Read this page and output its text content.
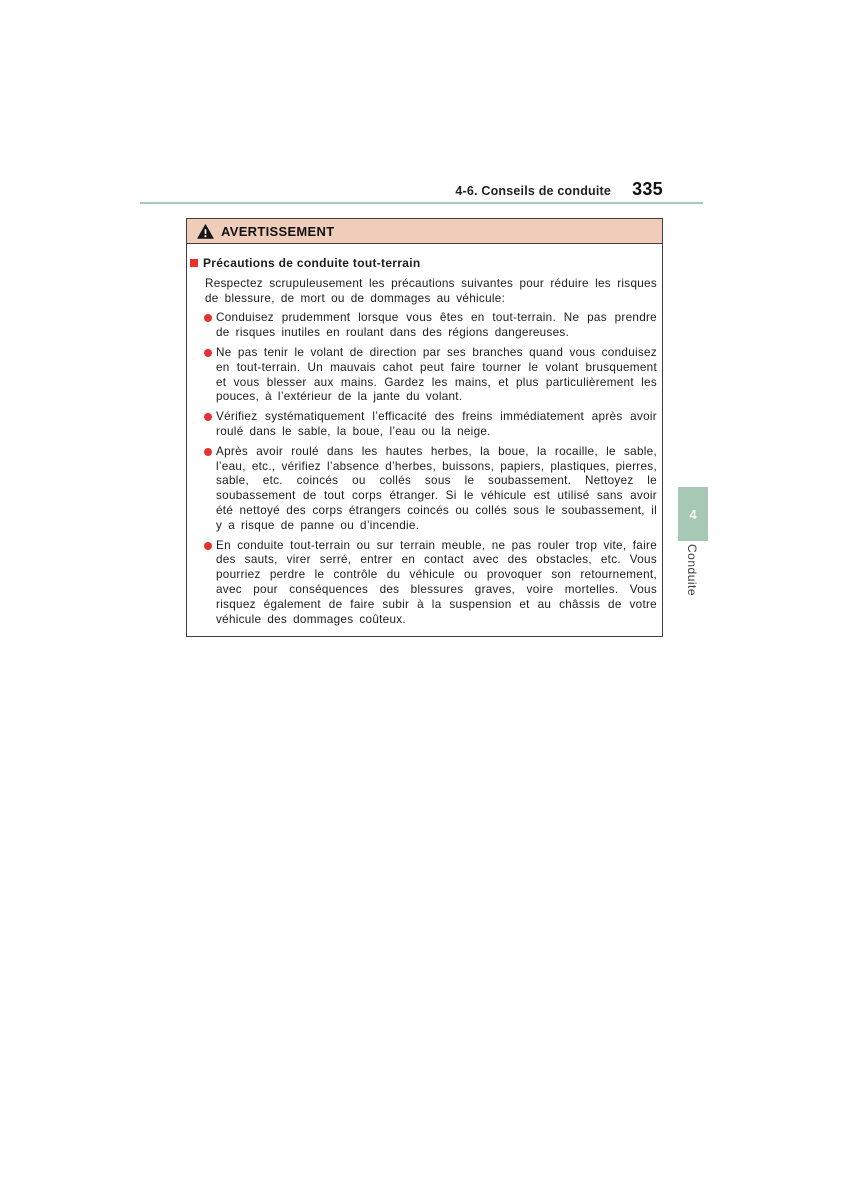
4-6. Conseils de conduite 335
AVERTISSEMENT
Précautions de conduite tout-terrain

Respectez scrupuleusement les précautions suivantes pour réduire les risques de blessure, de mort ou de dommages au véhicule:

Conduisez prudemment lorsque vous êtes en tout-terrain. Ne pas prendre de risques inutiles en roulant dans des régions dangereuses.
Ne pas tenir le volant de direction par ses branches quand vous conduisez en tout-terrain. Un mauvais cahot peut faire tourner le volant brusquement et vous blesser aux mains. Gardez les mains, et plus particulièrement les pouces, à l’extérieur de la jante du volant.
Vérifiez systématiquement l’efficacité des freins immédiatement après avoir roulé dans le sable, la boue, l’eau ou la neige.
Après avoir roulé dans les hautes herbes, la boue, la rocaille, le sable, l’eau, etc., vérifiez l’absence d’herbes, buissons, papiers, plastiques, pierres, sable, etc. coincés ou collés sous le soubassement. Nettoyez le soubassement de tout corps étranger. Si le véhicule est utilisé sans avoir été nettoyé des corps étrangers coincés ou collés sous le soubassement, il y a risque de panne ou d’incendie.
En conduite tout-terrain ou sur terrain meuble, ne pas rouler trop vite, faire des sauts, virer serré, entrer en contact avec des obstacles, etc. Vous pourriez perdre le contrôle du véhicule ou provoquer son retournement, avec pour conséquences des blessures graves, voire mortelles. Vous risquez également de faire subir à la suspension et au châssis de votre véhicule des dommages coûteux.
4
Conduite
